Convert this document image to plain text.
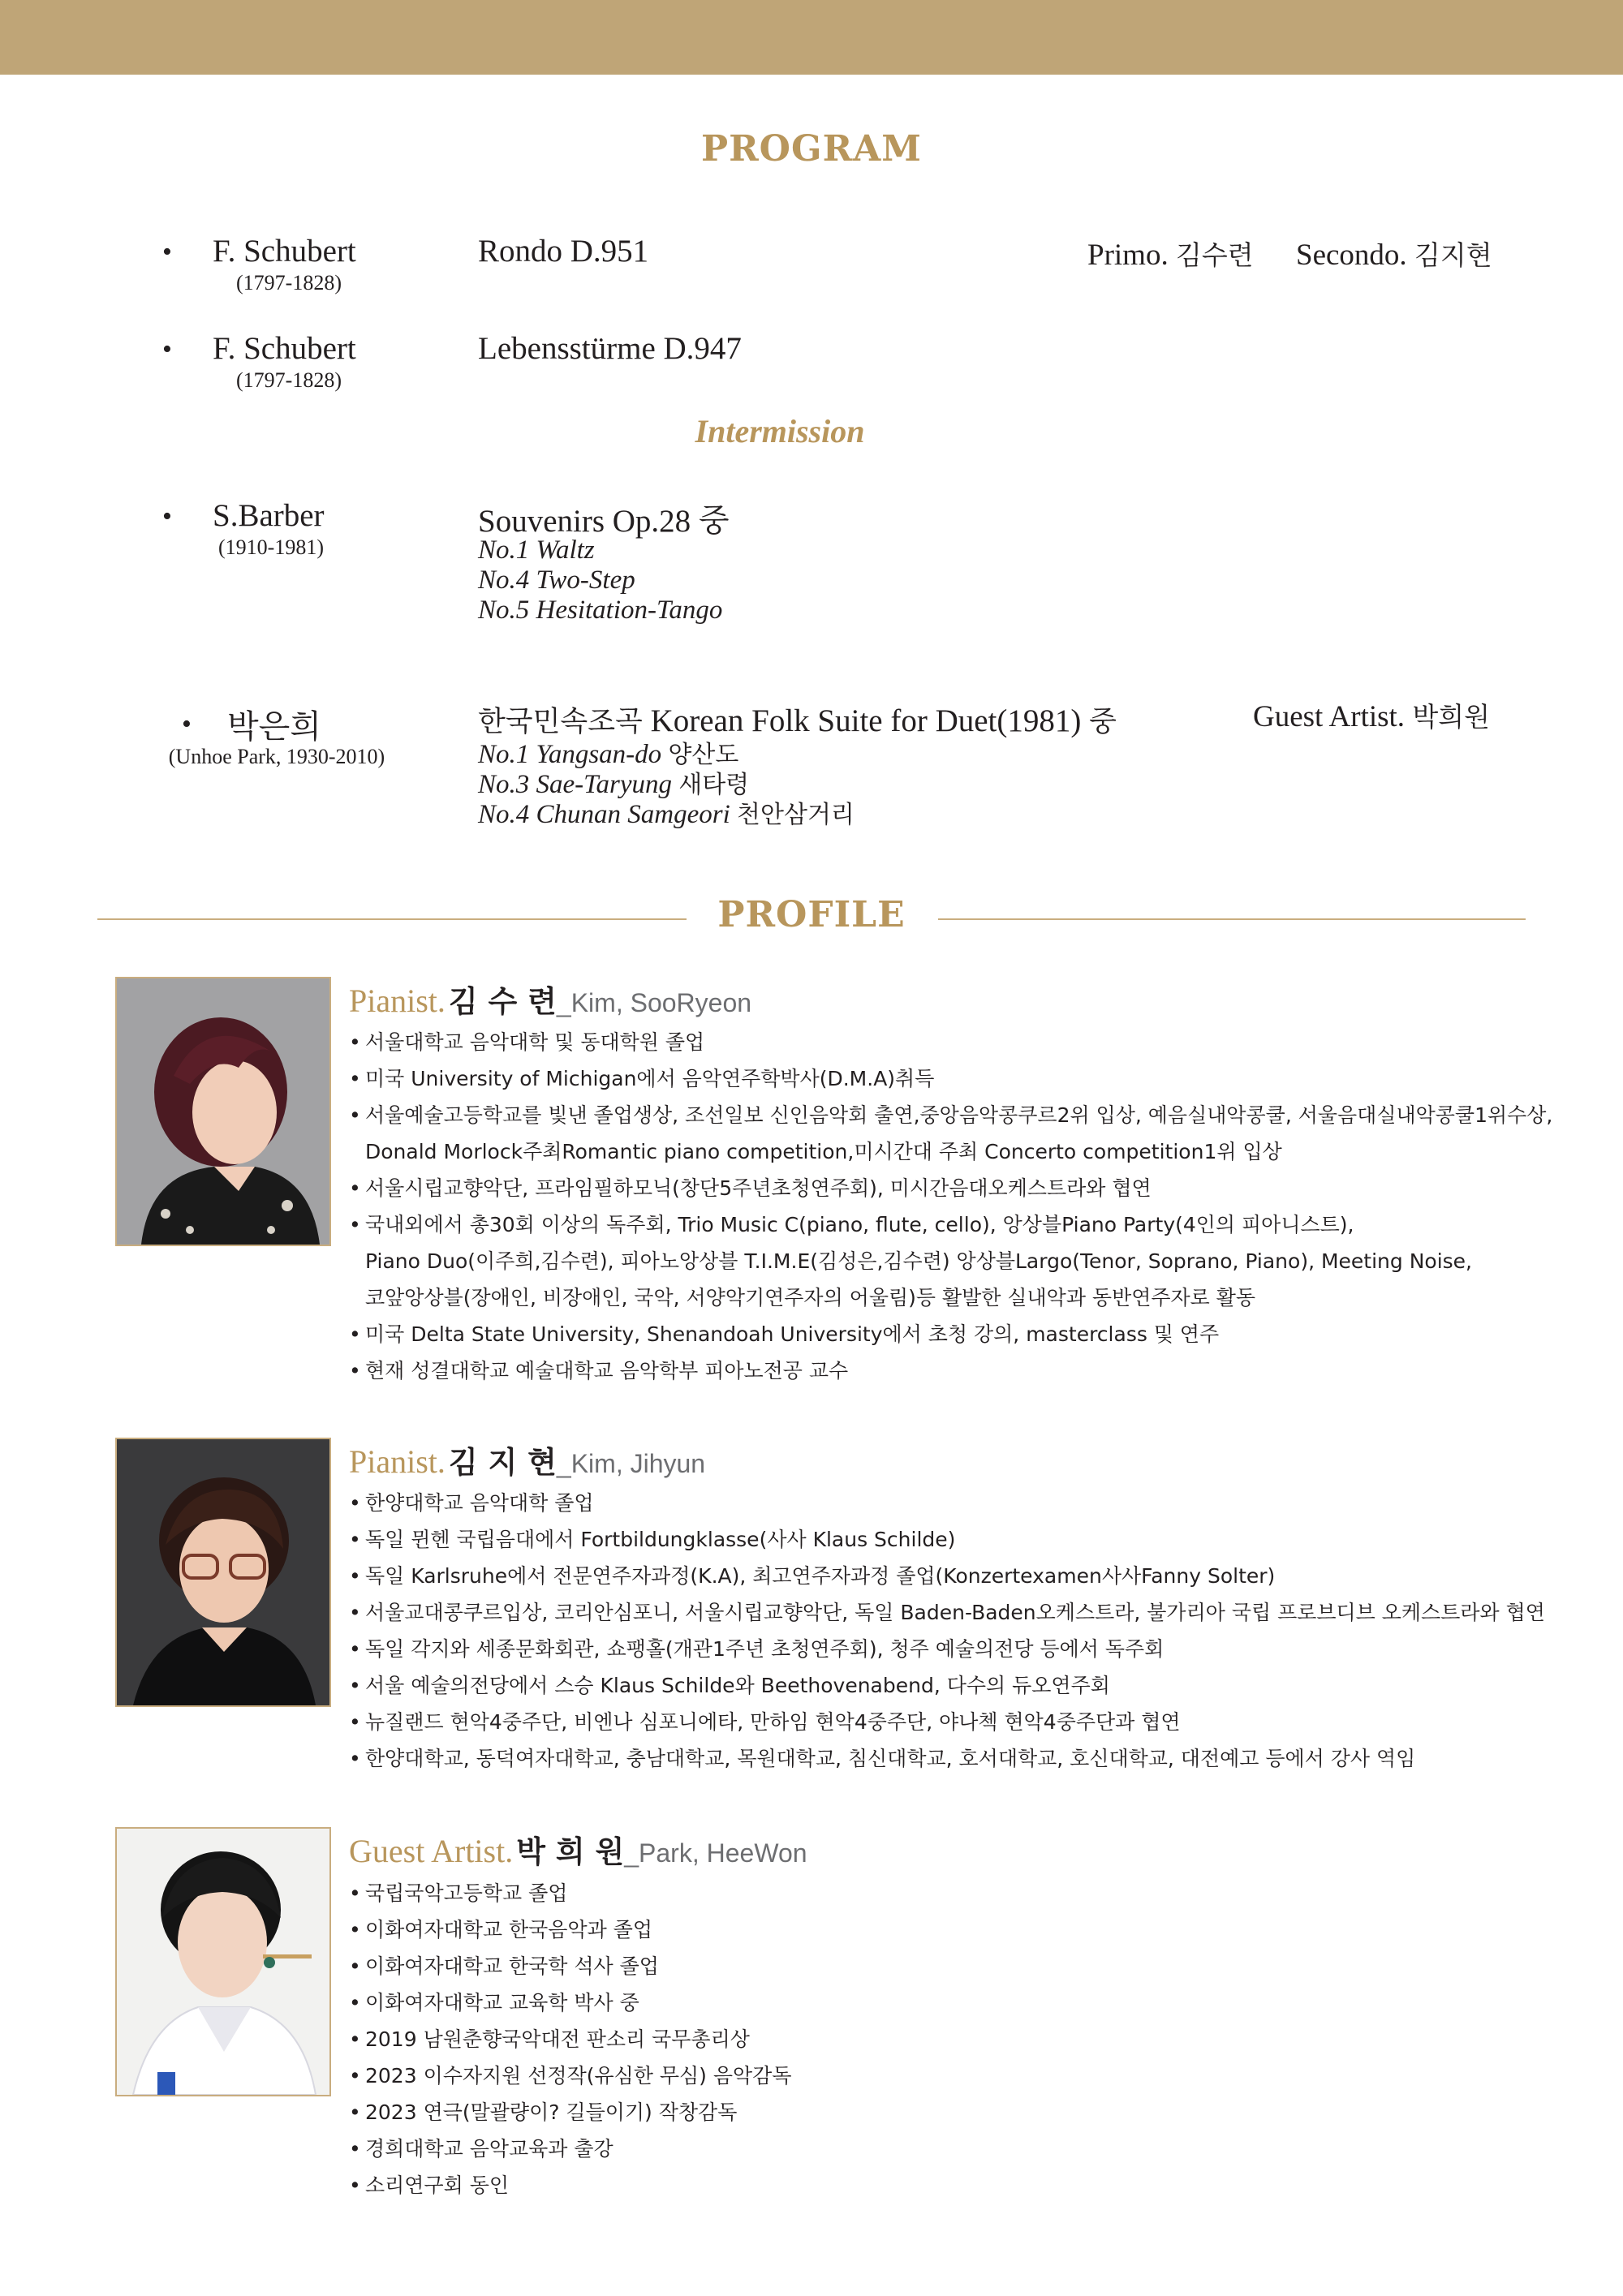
PROGRAM
• F. Schubert
(1797-1828)
Rondo D.951	Primo. 김수련 Secondo. 김지현
• F. Schubert
(1797-1828)
Lebensstürme D.947
Intermission
• S.Barber
(1910-1981)
Souvenirs Op.28 중
No.1 Waltz
No.4 Two-Step
No.5 Hesitation-Tango
• 박은희
(Unhoe Park, 1930-2010)
한국민속조곡 Korean Folk Suite for Duet(1981) 중
No.1 Yangsan-do 양산도
No.3 Sae-Taryung 새타령
No.4 Chunan Samgeori 천안삼거리
Guest Artist. 박희원
PROFILE
Pianist. 김 수 련_Kim, SooRyeon
• 서울대학교 음악대학 및 동대학원 졸업
• 미국 University of Michigan에서 음악연주학박사(D.M.A)취득
• 서울예술고등학교를 빛낸 졸업생상, 조선일보 신인음악회 출연,중앙음악콩쿠르2위 입상, 예음실내악콩쿨, 서울음대실내악콩쿨1위수상,
Donald Morlock주최Romantic piano competition,미시간대 주최 Concerto competition1위 입상
• 서울시립교향악단, 프라임필하모닉(창단5주년초청연주회), 미시간음대오케스트라와 협연
• 국내외에서 총30회 이상의 독주회, Trio Music C(piano, flute, cello), 앙상블Piano Party(4인의 피아니스트),
Piano Duo(이주희,김수련), 피아노앙상블 T.I.M.E(김성은,김수련) 앙상블Largo(Tenor, Soprano, Piano), Meeting Noise,
코앞앙상블(장애인, 비장애인, 국악, 서양악기연주자의 어울림)등 활발한 실내악과 동반연주자로 활동
• 미국 Delta State University, Shenandoah University에서 초청 강의, masterclass 및 연주
• 현재 성결대학교 예술대학교 음악학부 피아노전공 교수
Pianist. 김 지 현_Kim, Jihyun
• 한양대학교 음악대학 졸업
• 독일 뮌헨 국립음대에서 Fortbildungklasse(사사 Klaus Schilde)
• 독일 Karlsruhe에서 전문연주자과정(K.A), 최고연주자과정 졸업(Konzertexamen사사Fanny Solter)
• 서울교대콩쿠르입상, 코리안심포니, 서울시립교향악단, 독일 Baden-Baden오케스트라, 불가리아 국립 프로브디브 오케스트라와 협연
• 독일 각지와 세종문화회관, 쇼팽홀(개관1주년 초청연주회), 청주 예술의전당 등에서 독주회
• 서울 예술의전당에서 스승 Klaus Schilde와 Beethovenabend, 다수의 듀오연주회
• 뉴질랜드 현악4중주단, 비엔나 심포니에타, 만하임 현악4중주단, 야나첵 현악4중주단과 협연
• 한양대학교, 동덕여자대학교, 충남대학교, 목원대학교, 침신대학교, 호서대학교, 호신대학교, 대전예고 등에서 강사 역임
Guest Artist. 박 희 원_Park, HeeWon
• 국립국악고등학교 졸업
• 이화여자대학교 한국음악과 졸업
• 이화여자대학교 한국학 석사 졸업
• 이화여자대학교 교육학 박사 중
• 2019 남원춘향국악대전 판소리 국무총리상
• 2023 이수자지원 선정작(유심한 무심) 음악감독
• 2023 연극(말괄량이? 길들이기) 작창감독
• 경희대학교 음악교육과 출강
• 소리연구회 동인
